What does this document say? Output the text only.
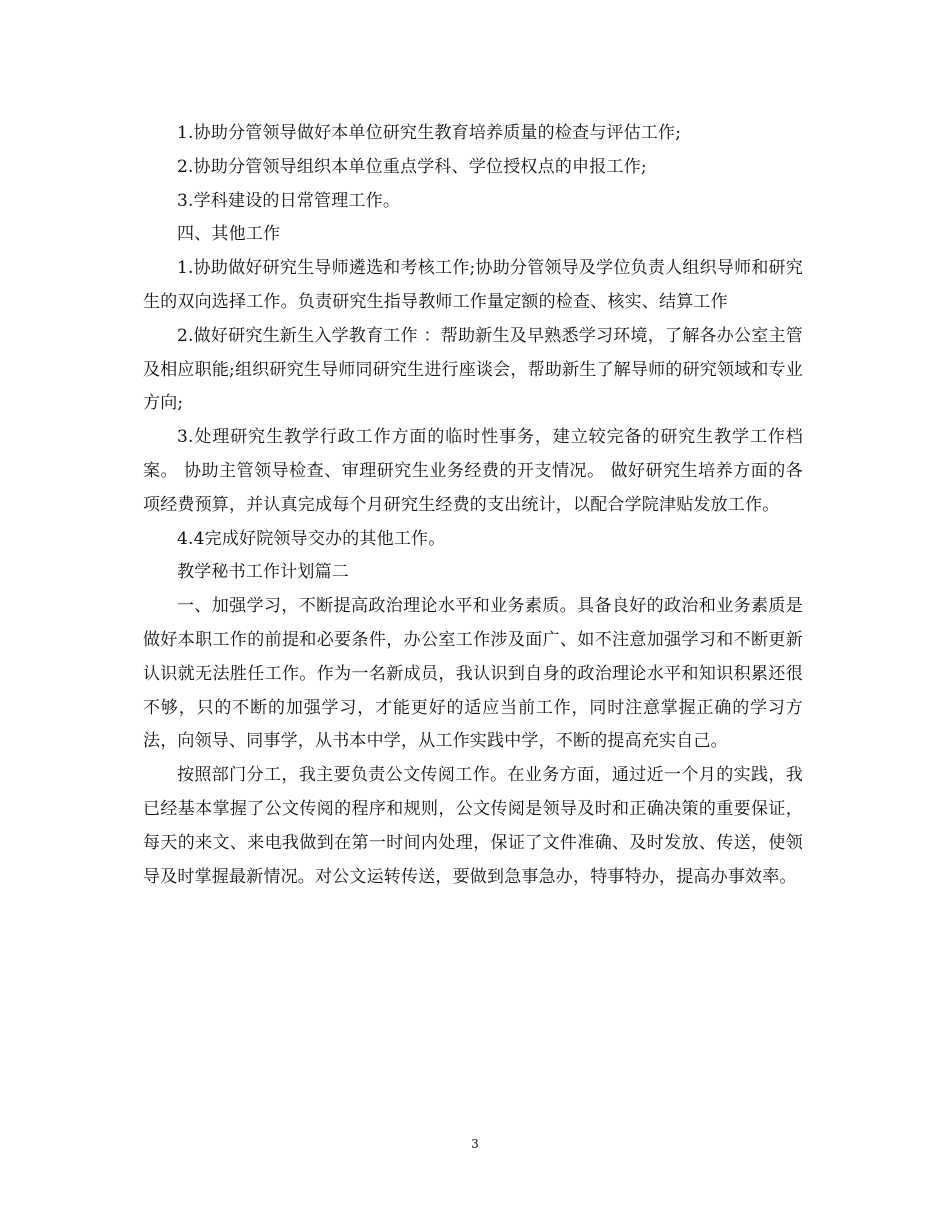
1.协助分管领导做好本单位研究生教育培养质量的检查与评估工作;

2.协助分管领导组织本单位重点学科、学位授权点的申报工作;

3.学科建设的日常管理工作。

四、其他工作

1.协助做好研究生导师遴选和考核工作;协助分管领导及学位负责人组织导师和研究生的双向选择工作。负责研究生指导教师工作量定额的检查、核实、结算工作

2.做好研究生新生入学教育工作 ：帮助新生及早熟悉学习环境，了解各办公室主管及相应职能;组织研究生导师同研究生进行座谈会，帮助新生了解导师的研究领域和专业方向;

3.处理研究生教学行政工作方面的临时性事务，建立较完备的研究生教学工作档案。 协助主管领导检查、审理研究生业务经费的开支情况。 做好研究生培养方面的各项经费预算，并认真完成每个月研究生经费的支出统计，以配合学院津贴发放工作。

4.4完成好院领导交办的其他工作。

教学秘书工作计划篇二

一、加强学习，不断提高政治理论水平和业务素质。具备良好的政治和业务素质是做好本职工作的前提和必要条件，办公室工作涉及面广、如不注意加强学习和不断更新认识就无法胜任工作。作为一名新成员，我认识到自身的政治理论水平和知识积累还很不够，只的不断的加强学习，才能更好的适应当前工作，同时注意掌握正确的学习方法，向领导、同事学，从书本中学，从工作实践中学，不断的提高充实自己。

按照部门分工，我主要负责公文传阅工作。在业务方面，通过近一个月的实践，我已经基本掌握了公文传阅的程序和规则，公文传阅是领导及时和正确决策的重要保证，每天的来文、来电我做到在第一时间内处理，保证了文件准确、及时发放、传送，使领导及时掌握最新情况。对公文运转传送，要做到急事急办，特事特办，提高办事效率。

3
